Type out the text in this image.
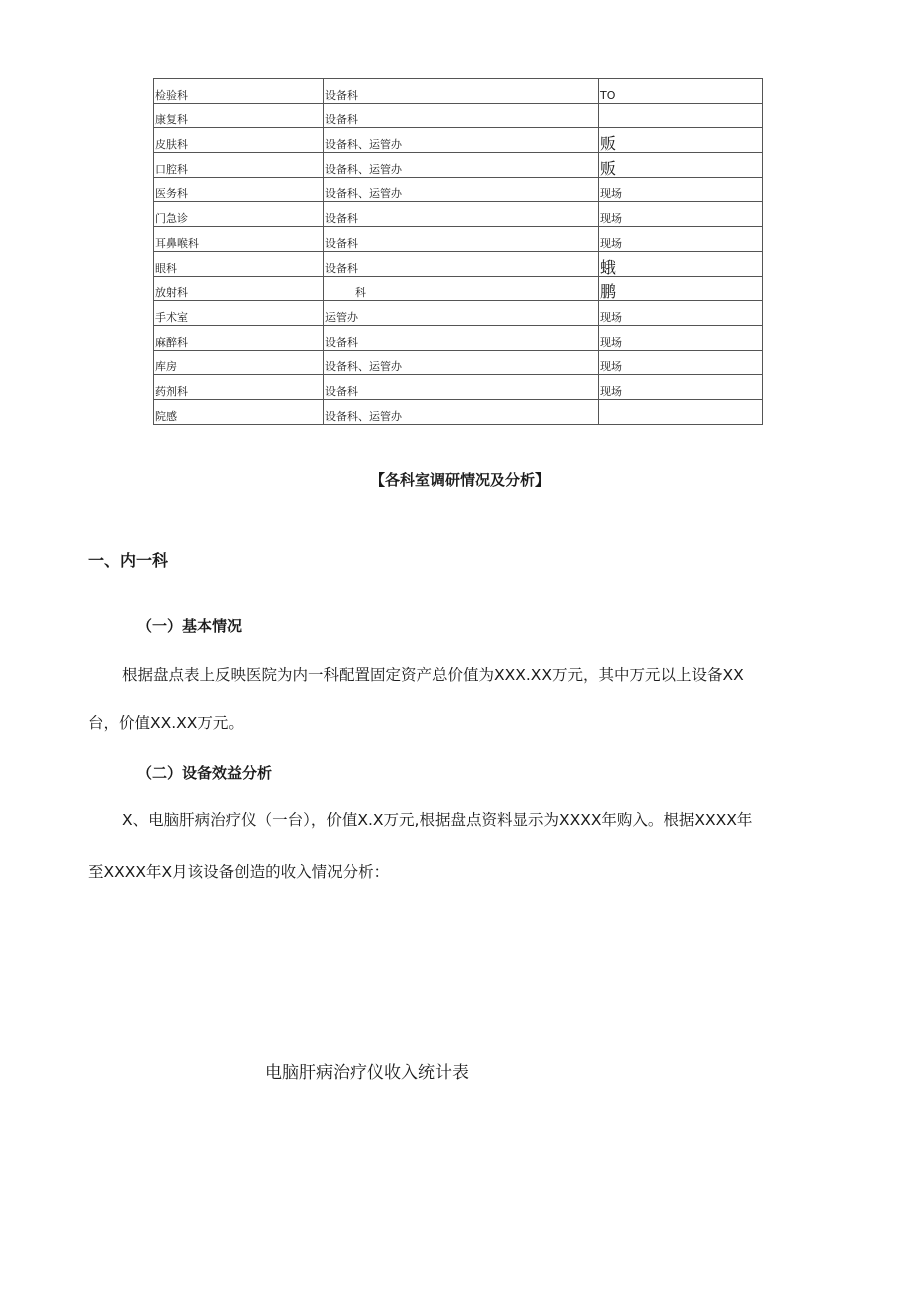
检验科	设备科	TO
康复科	设备科	
皮肤科	设备科、运管办	贩
口腔科	设备科、运管办	贩
医务科	设备科、运管办	现场
门急诊	设备科	现场
耳鼻喉科	设备科	现场
眼科	设备科	蛾
放射科	科	鹏
手术室	运管办	现场
麻醉科	设备科	现场
库房	设备科、运管办	现场
药剂科	设备科	现场
院感	设备科、运管办	
【各科室调研情况及分析】
一、内一科
（一）基本情况
根据盘点表上反映医院为内一科配置固定资产总价值为XXX.XX万元，其中万元以上设备XX
台，价值XX.XX万元。
（二）设备效益分析
X、电脑肝病治疗仪（一台），价值X.X万元,根据盘点资料显示为XXXX年购入。根据XXXX年
至XXXX年X月该设备创造的收入情况分析：
电脑肝病治疗仪收入统计表
